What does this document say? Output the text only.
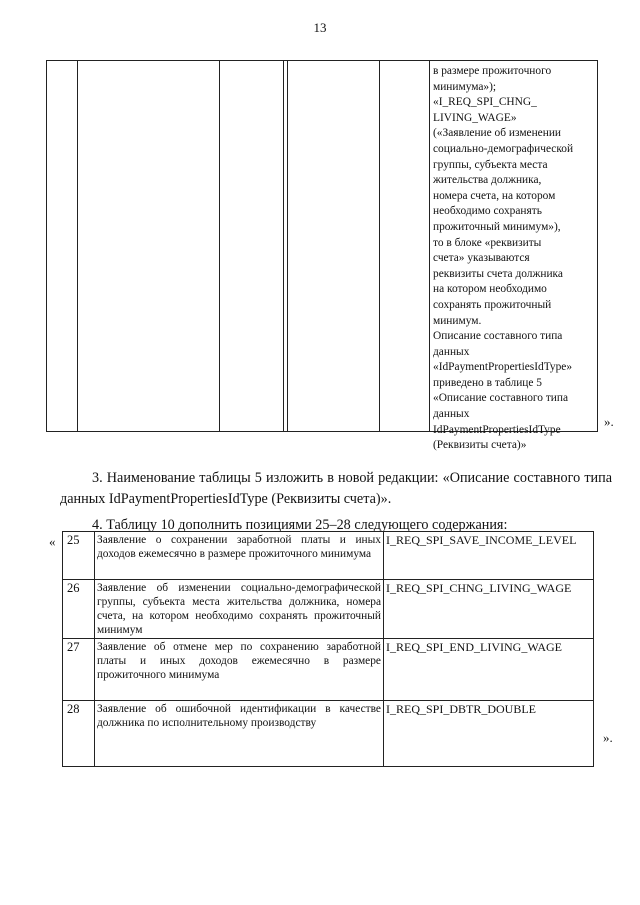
13
в размере прожиточного
минимума»);
«I_REQ_SPI_CHNG_
LIVING_WAGE»
(«Заявление об изменении
социально-демографической
группы, субъекта места
жительства должника,
номера счета, на котором
необходимо сохранять
прожиточный минимум»),
то в блоке «реквизиты
счета» указываются
реквизиты счета должника
на котором необходимо
сохранять прожиточный
минимум.
Описание составного типа
данных
«IdPaymentPropertiesIdType»
приведено в таблице 5
«Описание составного типа
данных
IdPaymentPropertiesIdType
(Реквизиты счета)»
».
3. Наименование таблицы 5 изложить в новой редакции: «Описание составного типа данных IdPaymentPropertiesIdType (Реквизиты счета)».
4. Таблицу 10 дополнить позициями 25–28 следующего содержания:
« 25	Заявление о сохранении заработной платы и иных доходов ежемесячно в размере прожиточного минимума	I_REQ_SPI_SAVE_INCOME_LEVEL
26	Заявление об изменении социально-демографической группы, субъекта места жительства должника, номера счета, на котором необходимо сохранять прожиточный минимум	I_REQ_SPI_CHNG_LIVING_WAGE
27	Заявление об отмене мер по сохранению заработной платы и иных доходов ежемесячно в размере прожиточного минимума	I_REQ_SPI_END_LIVING_WAGE
28	Заявление об ошибочной идентификации в качестве должника по исполнительному производству	I_REQ_SPI_DBTR_DOUBLE
».
